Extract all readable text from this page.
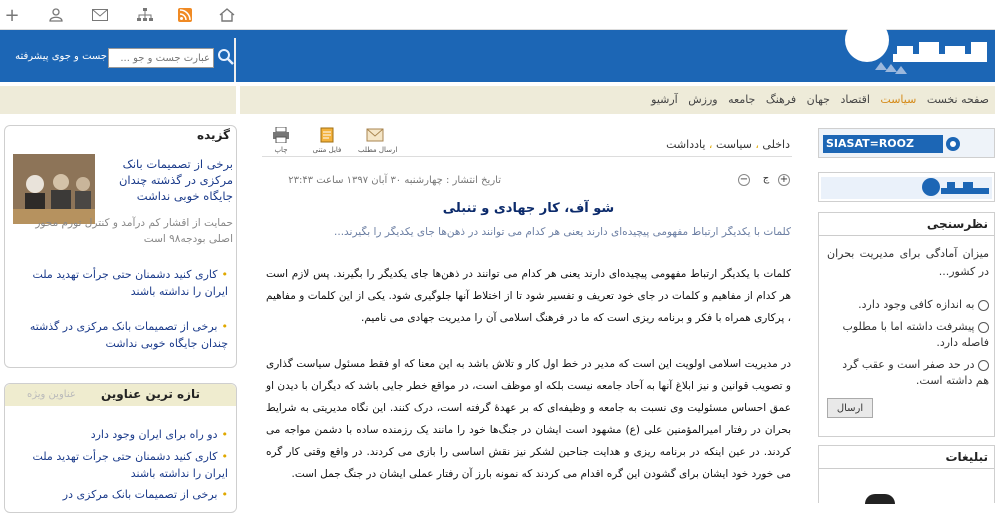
+
عبارت جست و جو ...
جست و جوی پیشرفته
صفحه نخست سیاست اقتصاد جهان فرهنگ جامعه ورزش آرشیو
گزیده
برخی از تصمیمات بانک مرکزی در گذشته چندان جایگاه خوبی نداشت
حمایت از اقشار کم درآمد و کنترل تورم محور اصلی بودجه۹۸ است
• کاری کنید دشمنان حتی جرأت تهدید ملت ایران را نداشته باشند
• برخی از تصمیمات بانک مرکزی در گذشته چندان جایگاه خوبی نداشت
تازه ترین عناوین
عناوین ویژه
• دو راه برای ایران وجود دارد
• کاری کنید دشمنان حتی جرأت تهدید ملت ایران را نداشته باشند
• برخی از تصمیمات بانک مرکزی در
ارسال مطلب
فایل متنی
چاپ	داخلی ، سیاست ، یادداشت
+
ج
−
تاریخ انتشار : چهارشنبه ۳۰ آبان ۱۳۹۷ ساعت ۲۳:۴۳
شو آف، کار جهادی و تنبلی
کلمات با یکدیگر ارتباط مفهومی پیچیده‌ای دارند یعنی هر کدام می توانند در ذهن‌ها جای یکدیگر را بگیرند...
کلمات با یکدیگر ارتباط مفهومی پیچیده‌ای دارند یعنی هر کدام می توانند در ذهن‌ها جای یکدیگر را بگیرند. پس لازم است هر کدام از مفاهیم و کلمات در جای خود تعریف و تفسیر شود تا از اختلاط آنها جلوگیری شود. یکی از این کلمات و مفاهیم ، پرکاری همراه با فکر و برنامه ریزی است که ما در فرهنگ اسلامی آن را مدیریت جهادی می نامیم.
در مدیریت اسلامی اولویت این است که مدیر در خط اول کار و تلاش باشد به این معنا که او فقط مسئول سیاست گذاری و تصویب قوانین و نیز ابلاغ آنها به آحاد جامعه نیست بلکه او موظف است، در مواقع خطر جایی باشد که دیگران با دیدن او عمق احساس مسئولیت وی نسبت به جامعه و وظیفه‌ای که بر عهدهٔ گرفته است، درک کنند. این نگاه مدیریتی به شرایط بحران در رفتار امیرالمؤمنین علی (ع) مشهود است ایشان در جنگ‌ها خود را مانند یک رزمنده ساده با دشمن مواجه می کردند. در عین اینکه در برنامه ریزی و هدایت جناحین لشکر نیز نقش اساسی را بازی می کردند. در واقع وقتی کار گره می خورد خود ایشان برای گشودن این گره اقدام می کردند که نمونه بارز آن رفتار عملی ایشان در جنگ جمل است.
SIASAT=ROOZ
نظرسنجی
میزان آمادگی برای مدیریت بحران در کشور...
به اندازه کافی وجود دارد.
پیشرفت داشته اما با مطلوب فاصله دارد.
در حد صفر است و عقب گرد هم داشته است.
ارسال
تبلیغات
